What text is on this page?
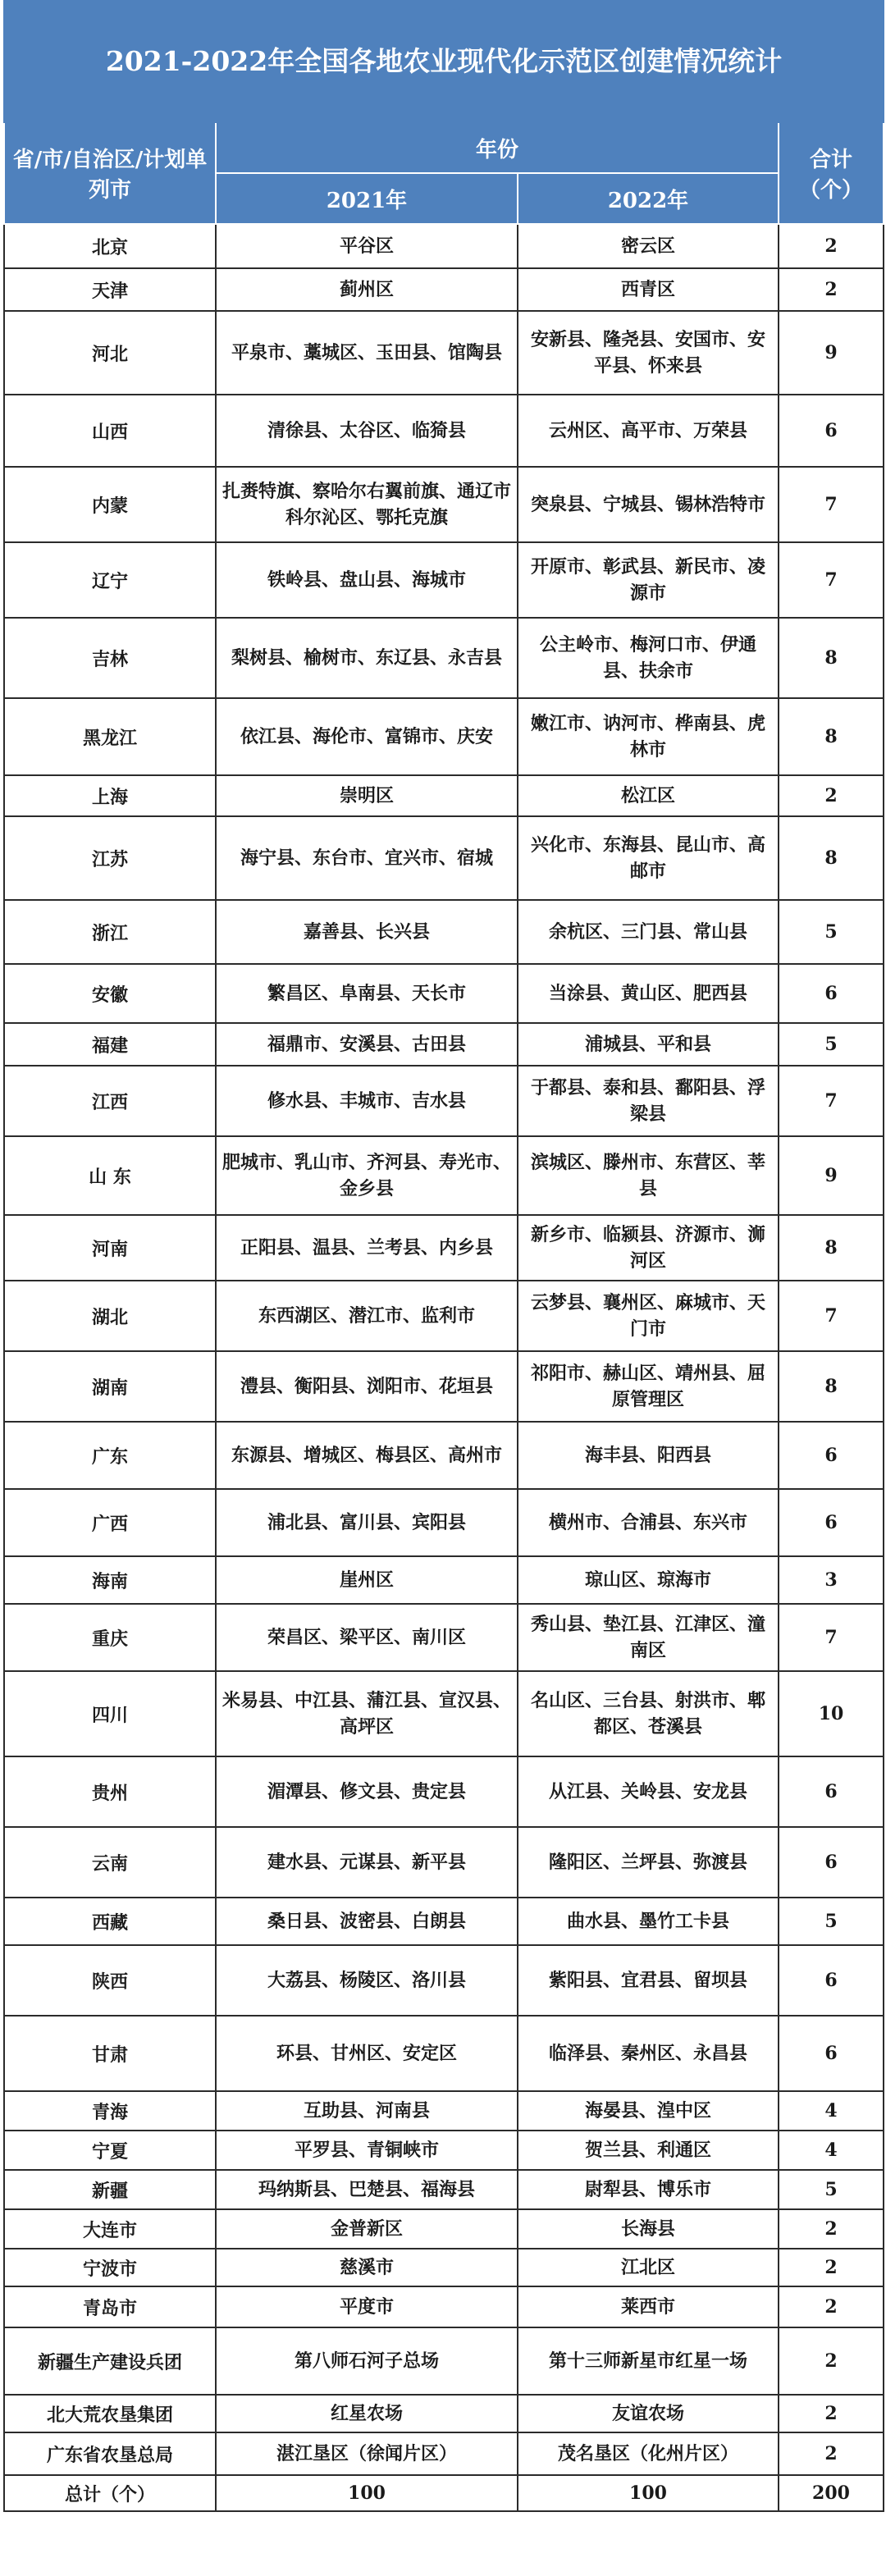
2021-2022年全国各地农业现代化示范区创建情况统计			
省/市/自治区/计划单列市	年份		合计（个）
	2021年	2022年	
北京	平谷区	密云区	2
天津	蓟州区	西青区	2
河北	平泉市、藁城区、玉田县、馆陶县	安新县、隆尧县、安国市、安平县、怀来县	9
山西	清徐县、太谷区、临猗县	云州区、高平市、万荣县	6
内蒙	扎赉特旗、察哈尔右翼前旗、通辽市科尔沁区、鄂托克旗	突泉县、宁城县、锡林浩特市	7
辽宁	铁岭县、盘山县、海城市	开原市、彰武县、新民市、凌源市	7
吉林	梨树县、榆树市、东辽县、永吉县	公主岭市、梅河口市、伊通县、扶余市	8
黑龙江	依江县、海伦市、富锦市、庆安	嫩江市、讷河市、桦南县、虎林市	8
上海	崇明区	松江区	2
江苏	海宁县、东台市、宜兴市、宿城	兴化市、东海县、昆山市、高邮市	8
浙江	嘉善县、长兴县	余杭区、三门县、常山县	5
安徽	繁昌区、阜南县、天长市	当涂县、黄山区、肥西县	6
福建	福鼎市、安溪县、古田县	浦城县、平和县	5
江西	修水县、丰城市、吉水县	于都县、泰和县、鄱阳县、浮梁县	7
山 东	肥城市、乳山市、齐河县、寿光市、金乡县	滨城区、滕州市、东营区、莘县	9
河南	正阳县、温县、兰考县、内乡县	新乡市、临颍县、济源市、浉河区	8
湖北	东西湖区、潜江市、监利市	云梦县、襄州区、麻城市、天门市	7
湖南	澧县、衡阳县、浏阳市、花垣县	祁阳市、赫山区、靖州县、屈原管理区	8
广东	东源县、增城区、梅县区、高州市	海丰县、阳西县	6
广西	浦北县、富川县、宾阳县	横州市、合浦县、东兴市	6
海南	崖州区	琼山区、琼海市	3
重庆	荣昌区、梁平区、南川区	秀山县、垫江县、江津区、潼南区	7
四川	米易县、中江县、蒲江县、宣汉县、高坪区	名山区、三台县、射洪市、郫都区、苍溪县	10
贵州	湄潭县、修文县、贵定县	从江县、关岭县、安龙县	6
云南	建水县、元谋县、新平县	隆阳区、兰坪县、弥渡县	6
西藏	桑日县、波密县、白朗县	曲水县、墨竹工卡县	5
陕西	大荔县、杨陵区、洛川县	紫阳县、宜君县、留坝县	6
甘肃	环县、甘州区、安定区	临泽县、秦州区、永昌县	6
青海	互助县、河南县	海晏县、湟中区	4
宁夏	平罗县、青铜峡市	贺兰县、利通区	4
新疆	玛纳斯县、巴楚县、福海县	尉犁县、博乐市	5
大连市	金普新区	长海县	2
宁波市	慈溪市	江北区	2
青岛市	平度市	莱西市	2
新疆生产建设兵团	第八师石河子总场	第十三师新星市红星一场	2
北大荒农垦集团	红星农场	友谊农场	2
广东省农垦总局	湛江垦区（徐闻片区）	茂名垦区（化州片区）	2
总计（个）	100	100	200
